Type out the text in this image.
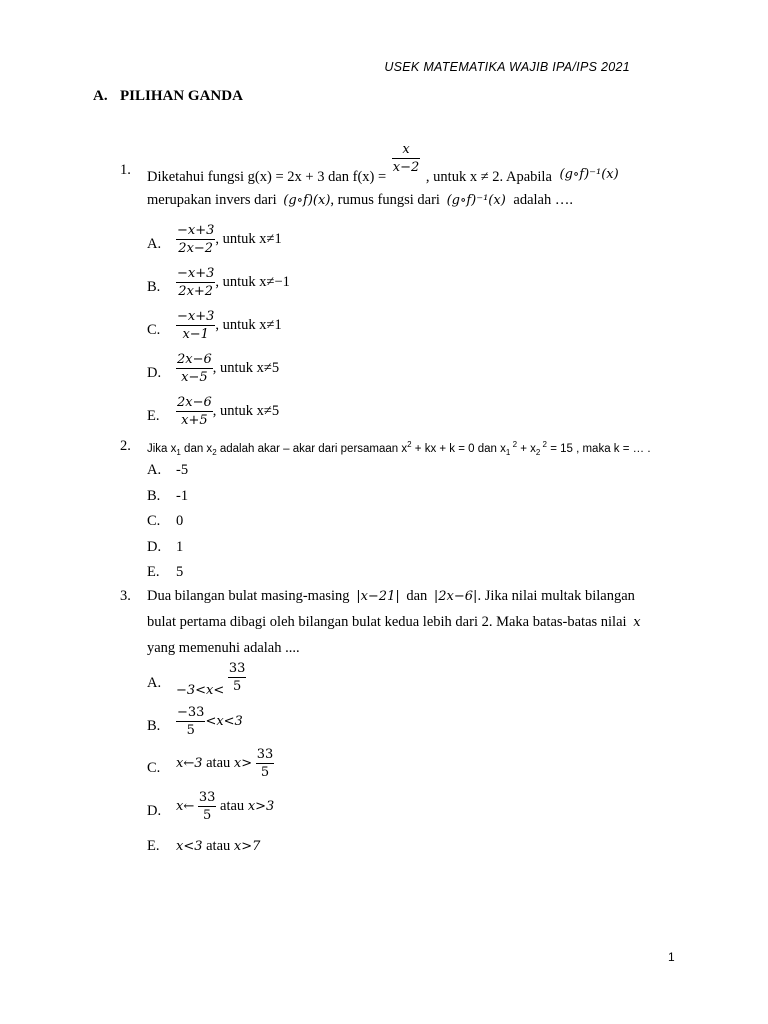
USEK MATEMATIKA WAJIB IPA/IPS 2021
A. PILIHAN GANDA
1. Diketahui fungsi g(x) = 2x + 3 dan f(x) =
$\frac{x}{x-2}$
, untuk x ≠ 2. Apabila (g∘f)⁻¹(x)
merupakan invers dari (g∘f)(x), rumus fungsi dari (g∘f)⁻¹(x) adalah ….
A. $\frac{-x+3}{2x-2}$ , untuk x≠1
B. $\frac{-x+3}{2x+2}$ , untuk x≠−1
C. $\frac{-x+3}{x-1}$ , untuk x≠1
D. $\frac{2x-6}{x-5}$ , untuk x≠5
E. $\frac{2x-6}{x+5}$ , untuk x≠5
2. Jika $x_1$ dan $x_2$ adalah akar – akar dari persamaan $x^2$ + kx + k = 0 dan $x_1$ $^2 + x_2$ $^2$ = 15 , maka k = … .
A. -5
B. -1
C. 0
D. 1
E. 5
3. Dua bilangan bulat masing-masing |x−21| dan |2x−6|. Jika nilai multak bilangan
bulat pertama dibagi oleh bilangan bulat kedua lebih dari 2. Maka batas-batas nilai x
yang memenuhi adalah ....
A. $-3<x< \frac{33}{5}$
B. $\frac{-33}{5} <x<3$
C. x←3 atau $x> \frac{33}{5}$
D. x← $\frac{33}{5}$ atau x>3
E. x<3 atau x>7
1
